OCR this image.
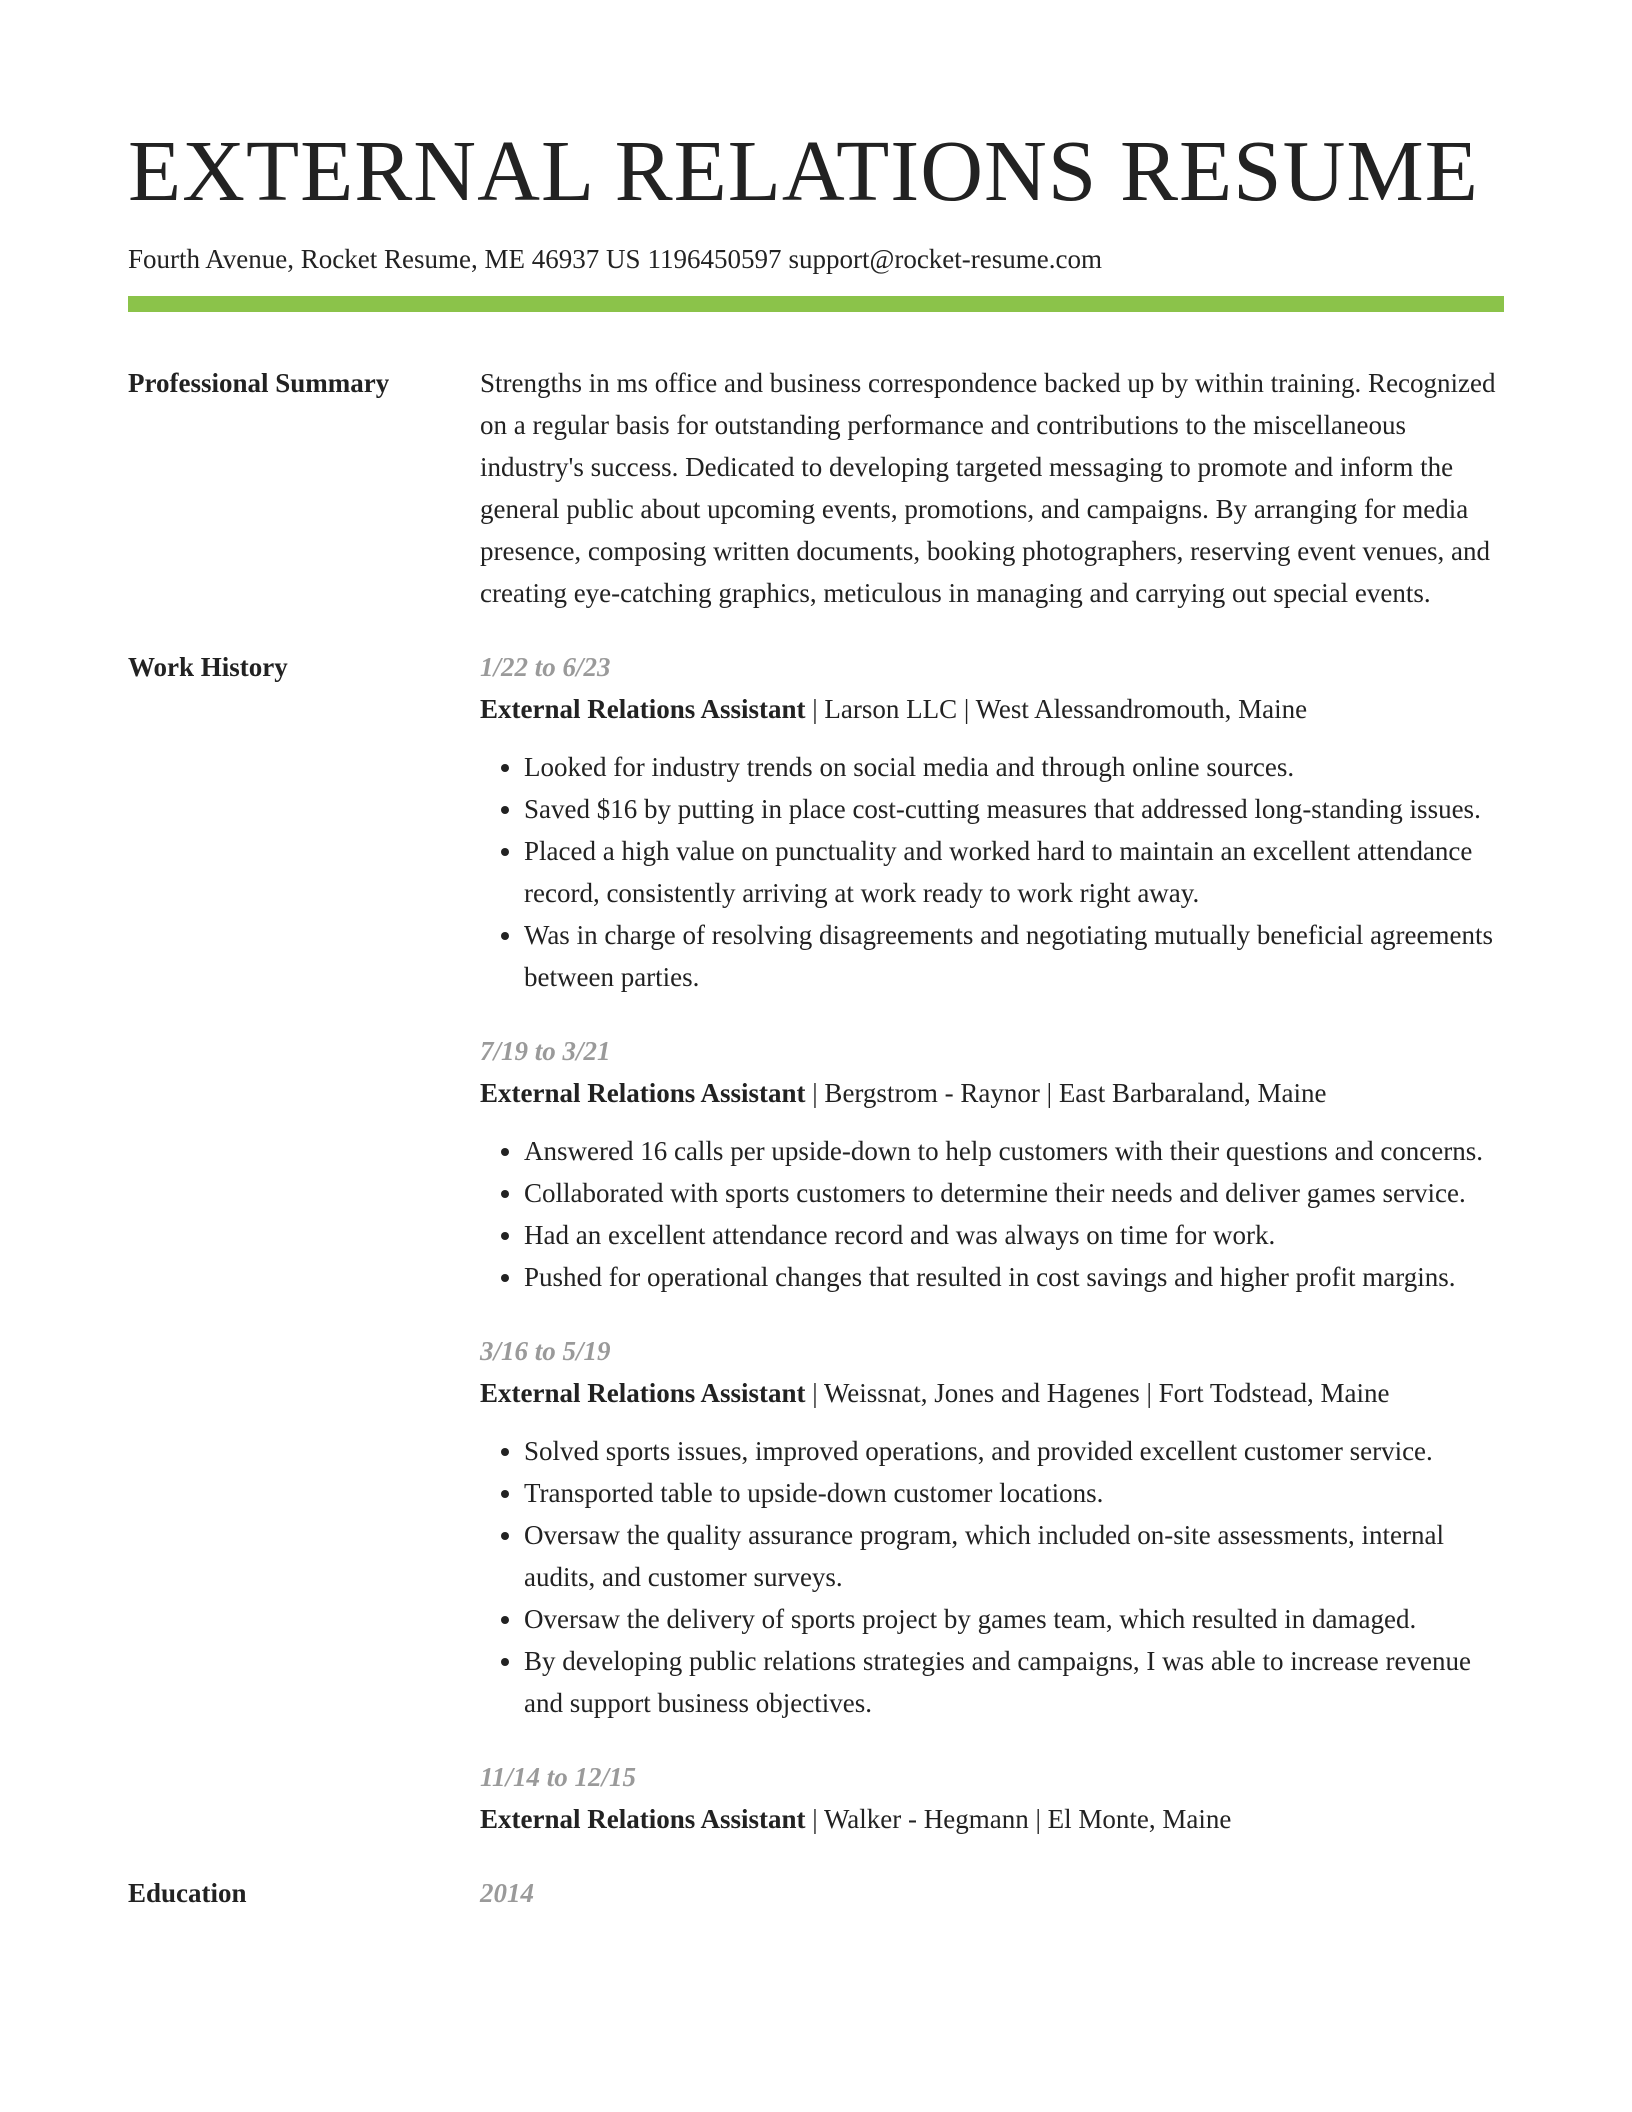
EXTERNAL RELATIONS RESUME
Fourth Avenue, Rocket Resume, ME 46937 US 1196450597 support@rocket-resume.com
Professional Summary	Strengths in ms office and business correspondence backed up by within training. Recognized on a regular basis for outstanding performance and contributions to the miscellaneous industry's success. Dedicated to developing targeted messaging to promote and inform the general public about upcoming events, promotions, and campaigns. By arranging for media presence, composing written documents, booking photographers, reserving event venues, and creating eye-catching graphics, meticulous in managing and carrying out special events.
Work History	1/22 to 6/23
External Relations Assistant | Larson LLC | West Alessandromouth, Maine
• Looked for industry trends on social media and through online sources.
• Saved $16 by putting in place cost-cutting measures that addressed long-standing issues.
• Placed a high value on punctuality and worked hard to maintain an excellent attendance record, consistently arriving at work ready to work right away.
• Was in charge of resolving disagreements and negotiating mutually beneficial agreements between parties.
7/19 to 3/21
External Relations Assistant | Bergstrom - Raynor | East Barbaraland, Maine
• Answered 16 calls per upside-down to help customers with their questions and concerns.
• Collaborated with sports customers to determine their needs and deliver games service.
• Had an excellent attendance record and was always on time for work.
• Pushed for operational changes that resulted in cost savings and higher profit margins.
3/16 to 5/19
External Relations Assistant | Weissnat, Jones and Hagenes | Fort Todstead, Maine
• Solved sports issues, improved operations, and provided excellent customer service.
• Transported table to upside-down customer locations.
• Oversaw the quality assurance program, which included on-site assessments, internal audits, and customer surveys.
• Oversaw the delivery of sports project by games team, which resulted in damaged.
• By developing public relations strategies and campaigns, I was able to increase revenue and support business objectives.
11/14 to 12/15
External Relations Assistant | Walker - Hegmann | El Monte, Maine
Education	2014
